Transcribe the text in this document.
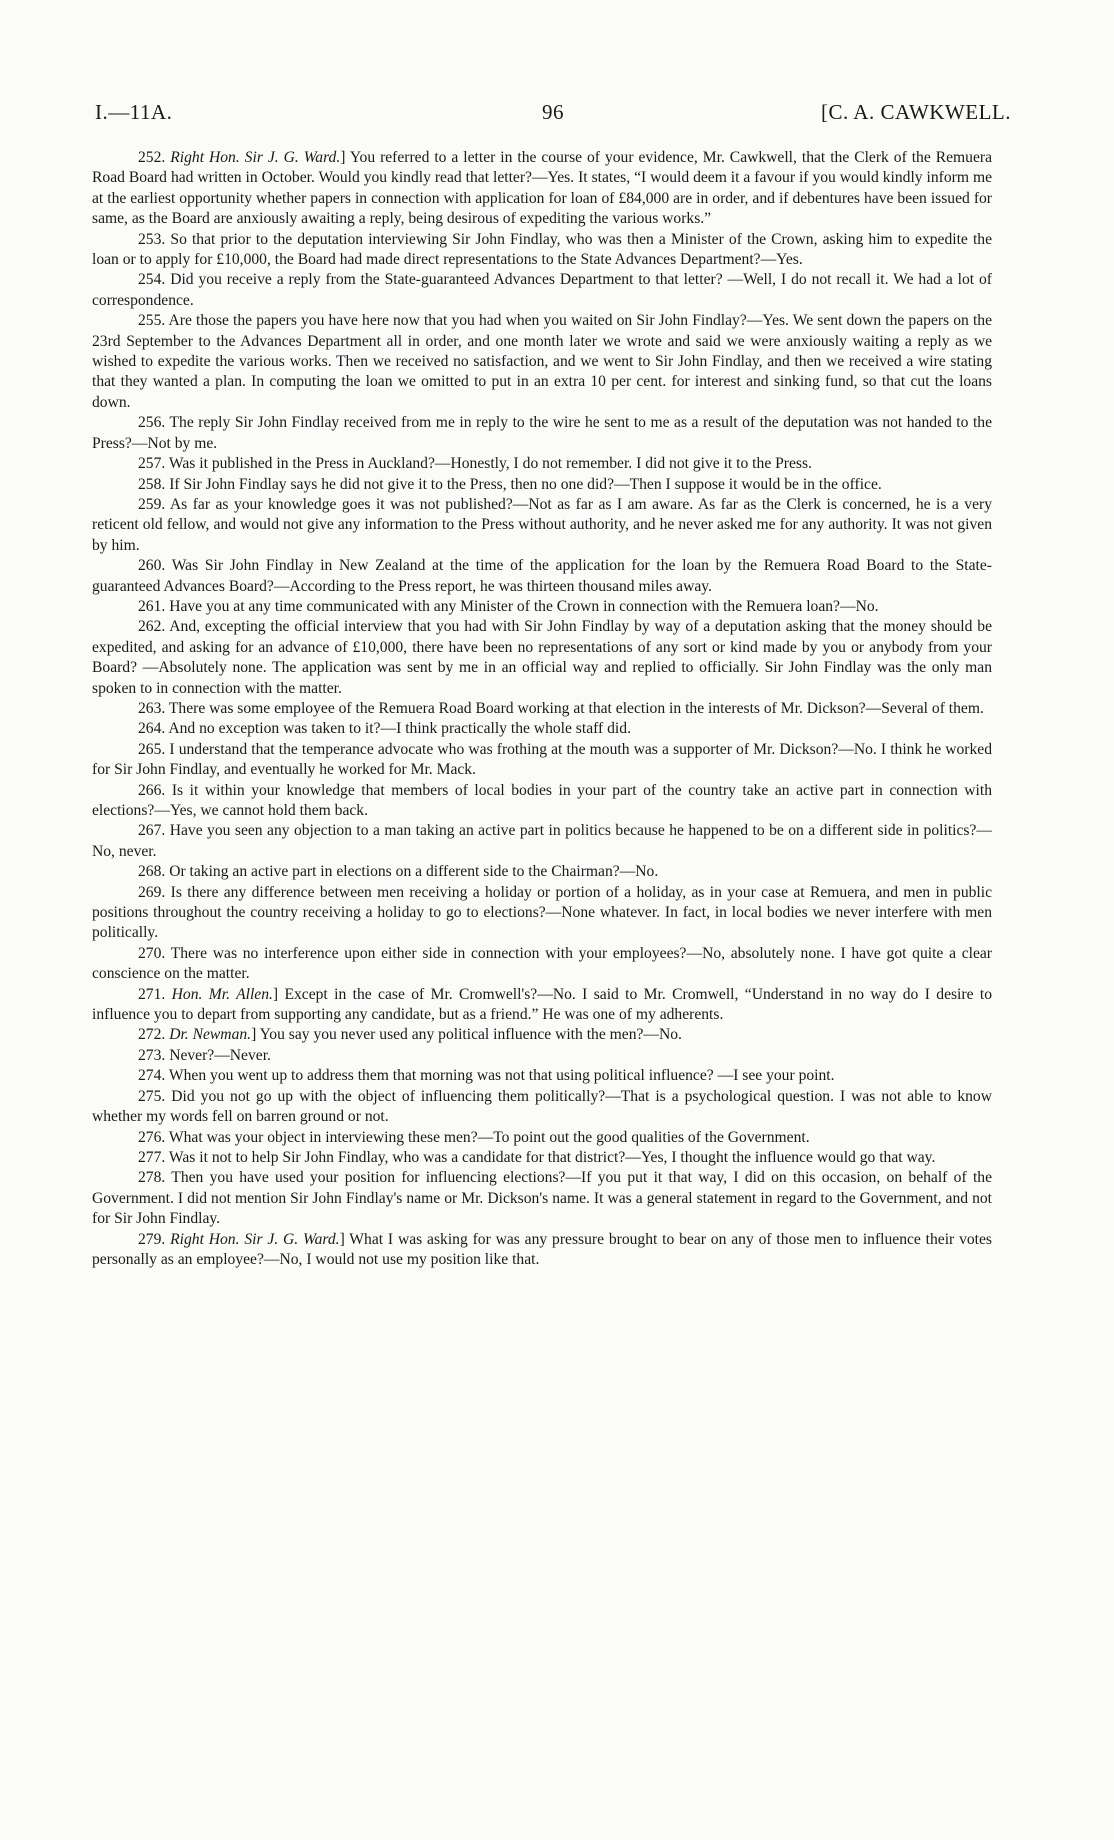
I.—11A.	96	[C. A. CAWKWELL.

252. Right Hon. Sir J. G. Ward.] You referred to a letter in the course of your evidence, Mr. Cawkwell, that the Clerk of the Remuera Road Board had written in October. Would you kindly read that letter?—Yes. It states, “I would deem it a favour if you would kindly inform me at the earliest opportunity whether papers in connection with application for loan of £84,000 are in order, and if debentures have been issued for same, as the Board are anxiously awaiting a reply, being desirous of expediting the various works.”

253. So that prior to the deputation interviewing Sir John Findlay, who was then a Minister of the Crown, asking him to expedite the loan or to apply for £10,000, the Board had made direct representations to the State Advances Department?—Yes.

254. Did you receive a reply from the State-guaranteed Advances Department to that letter? —Well, I do not recall it. We had a lot of correspondence.

255. Are those the papers you have here now that you had when you waited on Sir John Findlay?—Yes. We sent down the papers on the 23rd September to the Advances Department all in order, and one month later we wrote and said we were anxiously waiting a reply as we wished to expedite the various works. Then we received no satisfaction, and we went to Sir John Findlay, and then we received a wire stating that they wanted a plan. In computing the loan we omitted to put in an extra 10 per cent. for interest and sinking fund, so that cut the loans down.

256. The reply Sir John Findlay received from me in reply to the wire he sent to me as a result of the deputation was not handed to the Press?—Not by me.

257. Was it published in the Press in Auckland?—Honestly, I do not remember. I did not give it to the Press.

258. If Sir John Findlay says he did not give it to the Press, then no one did?—Then I suppose it would be in the office.

259. As far as your knowledge goes it was not published?—Not as far as I am aware. As far as the Clerk is concerned, he is a very reticent old fellow, and would not give any information to the Press without authority, and he never asked me for any authority. It was not given by him.

260. Was Sir John Findlay in New Zealand at the time of the application for the loan by the Remuera Road Board to the State-guaranteed Advances Board?—According to the Press report, he was thirteen thousand miles away.

261. Have you at any time communicated with any Minister of the Crown in connection with the Remuera loan?—No.

262. And, excepting the official interview that you had with Sir John Findlay by way of a deputation asking that the money should be expedited, and asking for an advance of £10,000, there have been no representations of any sort or kind made by you or anybody from your Board? —Absolutely none. The application was sent by me in an official way and replied to officially. Sir John Findlay was the only man spoken to in connection with the matter.

263. There was some employee of the Remuera Road Board working at that election in the interests of Mr. Dickson?—Several of them.

264. And no exception was taken to it?—I think practically the whole staff did.

265. I understand that the temperance advocate who was frothing at the mouth was a supporter of Mr. Dickson?—No. I think he worked for Sir John Findlay, and eventually he worked for Mr. Mack.

266. Is it within your knowledge that members of local bodies in your part of the country take an active part in connection with elections?—Yes, we cannot hold them back.

267. Have you seen any objection to a man taking an active part in politics because he happened to be on a different side in politics?—No, never.

268. Or taking an active part in elections on a different side to the Chairman?—No.

269. Is there any difference between men receiving a holiday or portion of a holiday, as in your case at Remuera, and men in public positions throughout the country receiving a holiday to go to elections?—None whatever. In fact, in local bodies we never interfere with men politically.

270. There was no interference upon either side in connection with your employees?—No, absolutely none. I have got quite a clear conscience on the matter.

271. Hon. Mr. Allen.] Except in the case of Mr. Cromwell's?—No. I said to Mr. Cromwell, “Understand in no way do I desire to influence you to depart from supporting any candidate, but as a friend.” He was one of my adherents.

272. Dr. Newman.] You say you never used any political influence with the men?—No.

273. Never?—Never.

274. When you went up to address them that morning was not that using political influence? —I see your point.

275. Did you not go up with the object of influencing them politically?—That is a psychological question. I was not able to know whether my words fell on barren ground or not.

276. What was your object in interviewing these men?—To point out the good qualities of the Government.

277. Was it not to help Sir John Findlay, who was a candidate for that district?—Yes, I thought the influence would go that way.

278. Then you have used your position for influencing elections?—If you put it that way, I did on this occasion, on behalf of the Government. I did not mention Sir John Findlay's name or Mr. Dickson's name. It was a general statement in regard to the Government, and not for Sir John Findlay.

279. Right Hon. Sir J. G. Ward.] What I was asking for was any pressure brought to bear on any of those men to influence their votes personally as an employee?—No, I would not use my position like that.
